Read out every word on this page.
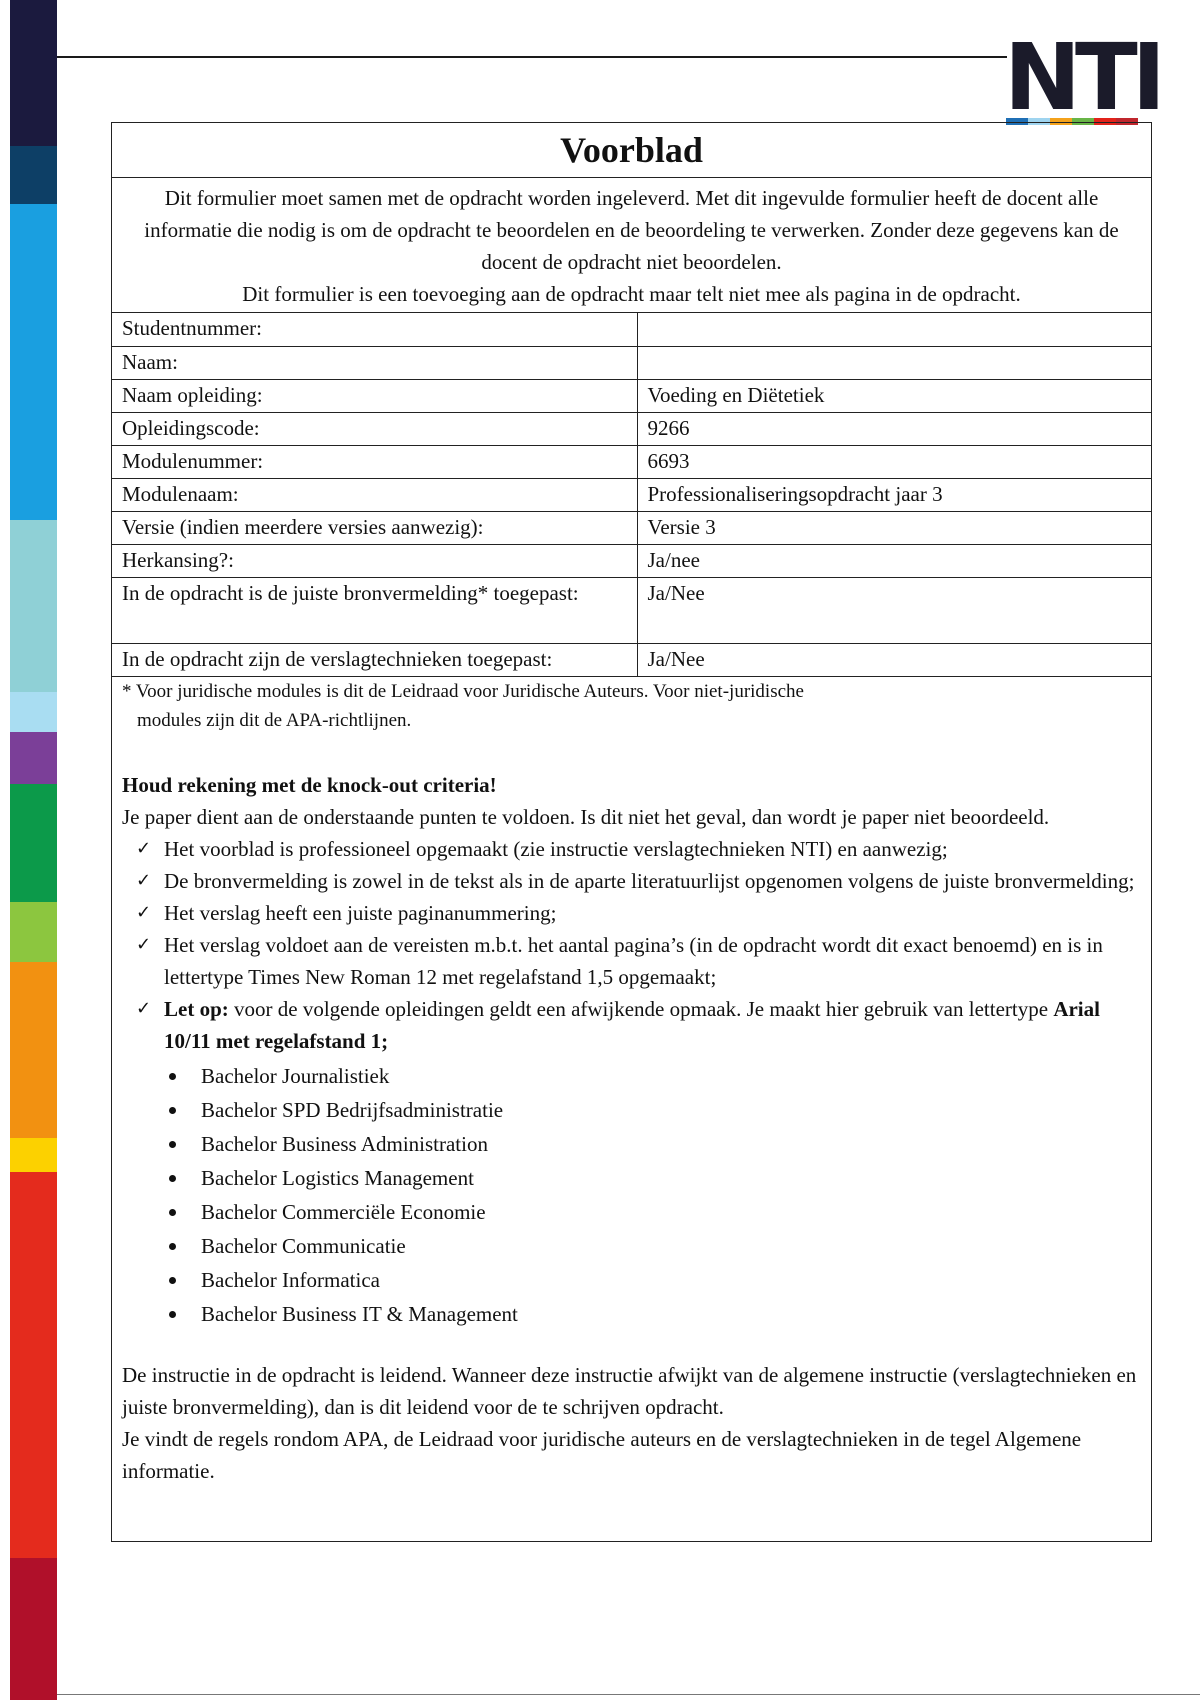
NTI
Voorblad
Dit formulier moet samen met de opdracht worden ingeleverd. Met dit ingevulde formulier heeft de docent alle informatie die nodig is om de opdracht te beoordelen en de beoordeling te verwerken. Zonder deze gegevens kan de docent de opdracht niet beoordelen.
Dit formulier is een toevoeging aan de opdracht maar telt niet mee als pagina in de opdracht.
Studentnummer:	
Naam:	
Naam opleiding:	Voeding en Diëtetiek
Opleidingscode:	9266
Modulenummer:	6693
Modulenaam:	Professionaliseringsopdracht jaar 3
Versie (indien meerdere versies aanwezig):	Versie 3
Herkansing?:	Ja/nee
In de opdracht is de juiste bronvermelding* toegepast:	Ja/Nee
In de opdracht zijn de verslagtechnieken toegepast:	Ja/Nee
* Voor juridische modules is dit de Leidraad voor Juridische Auteurs. Voor niet-juridische
modules zijn dit de APA-richtlijnen.
Houd rekening met de knock-out criteria!
Je paper dient aan de onderstaande punten te voldoen. Is dit niet het geval, dan wordt je paper niet beoordeeld.
✓ Het voorblad is professioneel opgemaakt (zie instructie verslagtechnieken NTI) en aanwezig;
✓ De bronvermelding is zowel in de tekst als in de aparte literatuurlijst opgenomen volgens de juiste bronvermelding;
✓ Het verslag heeft een juiste paginanummering;
✓ Het verslag voldoet aan de vereisten m.b.t. het aantal pagina’s (in de opdracht wordt dit exact benoemd) en is in lettertype Times New Roman 12 met regelafstand 1,5 opgemaakt;
✓ Let op: voor de volgende opleidingen geldt een afwijkende opmaak. Je maakt hier gebruik van lettertype Arial 10/11 met regelafstand 1;
Bachelor Journalistiek
Bachelor SPD Bedrijfsadministratie
Bachelor Business Administration
Bachelor Logistics Management
Bachelor Commerciële Economie
Bachelor Communicatie
Bachelor Informatica
Bachelor Business IT & Management
De instructie in de opdracht is leidend. Wanneer deze instructie afwijkt van de algemene instructie (verslagtechnieken en juiste bronvermelding), dan is dit leidend voor de te schrijven opdracht.
Je vindt de regels rondom APA, de Leidraad voor juridische auteurs en de verslagtechnieken in de tegel Algemene informatie.
